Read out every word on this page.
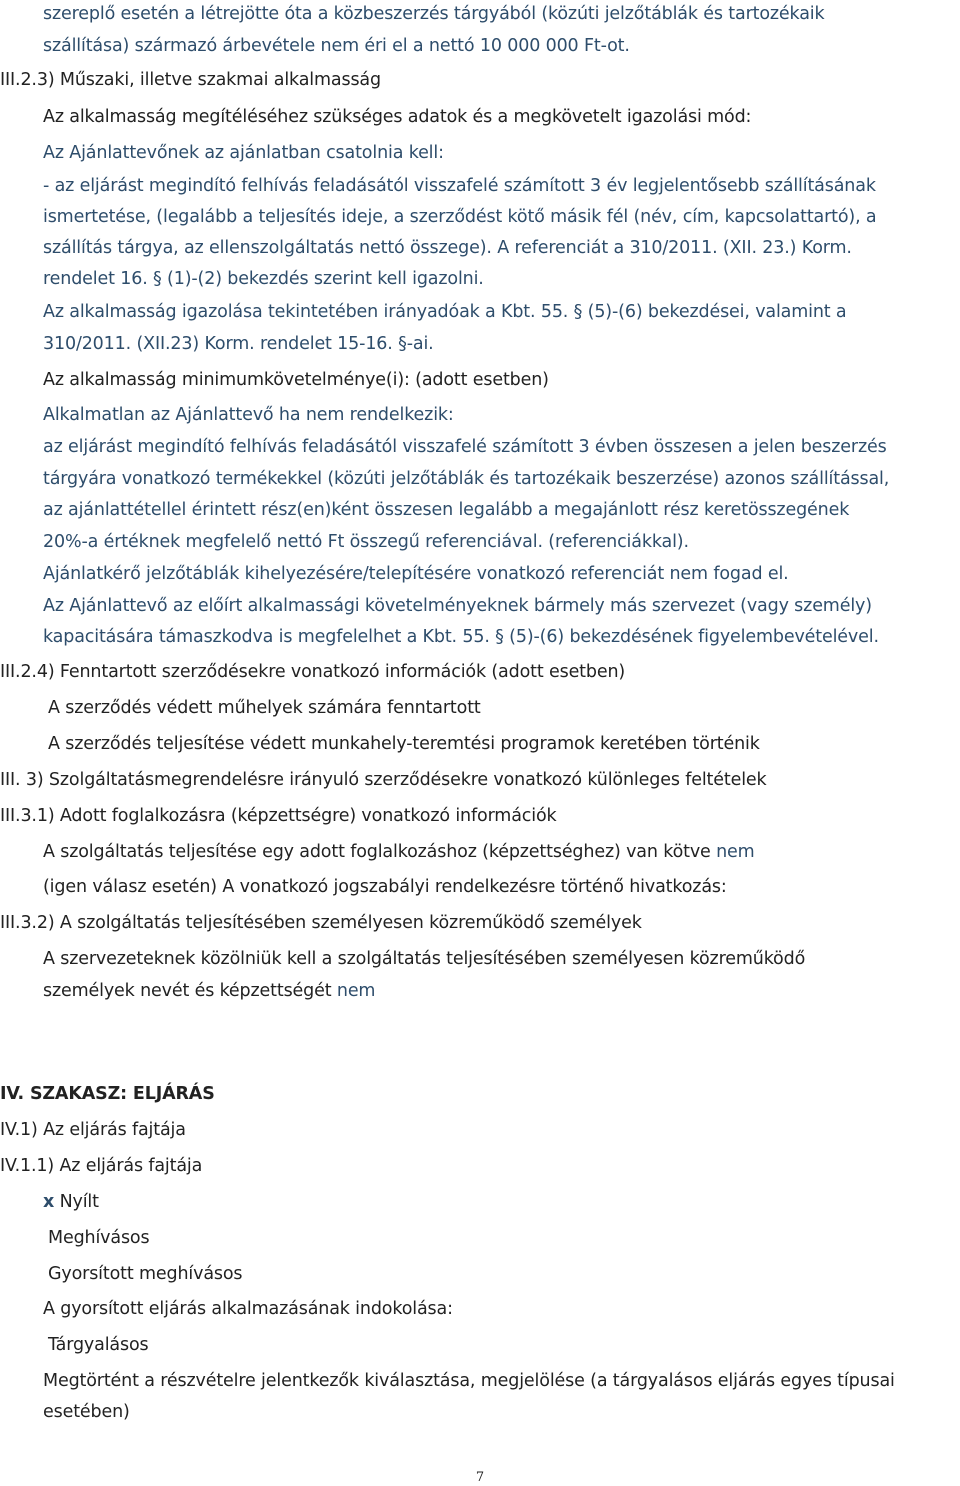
szereplő esetén a létrejötte óta a közbeszerzés tárgyából (közúti jelzőtáblák és tartozékaik
szállítása) származó árbevétele nem éri el a nettó 10 000 000 Ft-ot.
III.2.3) Műszaki, illetve szakmai alkalmasság
Az alkalmasság megítéléséhez szükséges adatok és a megkövetelt igazolási mód:
Az Ajánlattevőnek az ajánlatban csatolnia kell:
- az eljárást megindító felhívás feladásától visszafelé számított 3 év legjelentősebb szállításának
ismertetése, (legalább a teljesítés ideje, a szerződést kötő másik fél (név, cím, kapcsolattartó), a
szállítás tárgya, az ellenszolgáltatás nettó összege). A referenciát a 310/2011. (XII. 23.) Korm.
rendelet 16. § (1)-(2) bekezdés szerint kell igazolni.
Az alkalmasság igazolása tekintetében irányadóak a Kbt. 55. § (5)-(6) bekezdései, valamint a
310/2011. (XII.23) Korm. rendelet 15-16. §-ai.
Az alkalmasság minimumkövetelménye(i): (adott esetben)
Alkalmatlan az Ajánlattevő ha nem rendelkezik:
az eljárást megindító felhívás feladásától visszafelé számított 3 évben összesen a jelen beszerzés
tárgyára vonatkozó termékekkel (közúti jelzőtáblák és tartozékaik beszerzése) azonos szállítással,
az ajánlattétellel érintett rész(en)ként összesen legalább a megajánlott rész keretösszegének
20%-a értéknek megfelelő nettó Ft összegű referenciával. (referenciákkal).
Ajánlatkérő jelzőtáblák kihelyezésére/telepítésére vonatkozó referenciát nem fogad el.
Az Ajánlattevő az előírt alkalmassági követelményeknek bármely más szervezet (vagy személy)
kapacitására támaszkodva is megfelelhet a Kbt. 55. § (5)-(6) bekezdésének figyelembevételével.
III.2.4) Fenntartott szerződésekre vonatkozó információk (adott esetben)
A szerződés védett műhelyek számára fenntartott
A szerződés teljesítése védett munkahely-teremtési programok keretében történik
III. 3) Szolgáltatásmegrendelésre irányuló szerződésekre vonatkozó különleges feltételek
III.3.1) Adott foglalkozásra (képzettségre) vonatkozó információk
A szolgáltatás teljesítése egy adott foglalkozáshoz (képzettséghez) van kötve nem
(igen válasz esetén) A vonatkozó jogszabályi rendelkezésre történő hivatkozás:
III.3.2) A szolgáltatás teljesítésében személyesen közreműködő személyek
A szervezeteknek közölniük kell a szolgáltatás teljesítésében személyesen közreműködő
személyek nevét és képzettségét nem
IV. SZAKASZ: ELJÁRÁS
IV.1) Az eljárás fajtája
IV.1.1) Az eljárás fajtája
x Nyílt
Meghívásos
Gyorsított meghívásos
A gyorsított eljárás alkalmazásának indokolása:
Tárgyalásos
Megtörtént a részvételre jelentkezők kiválasztása, megjelölése (a tárgyalásos eljárás egyes típusai
esetében)
7
